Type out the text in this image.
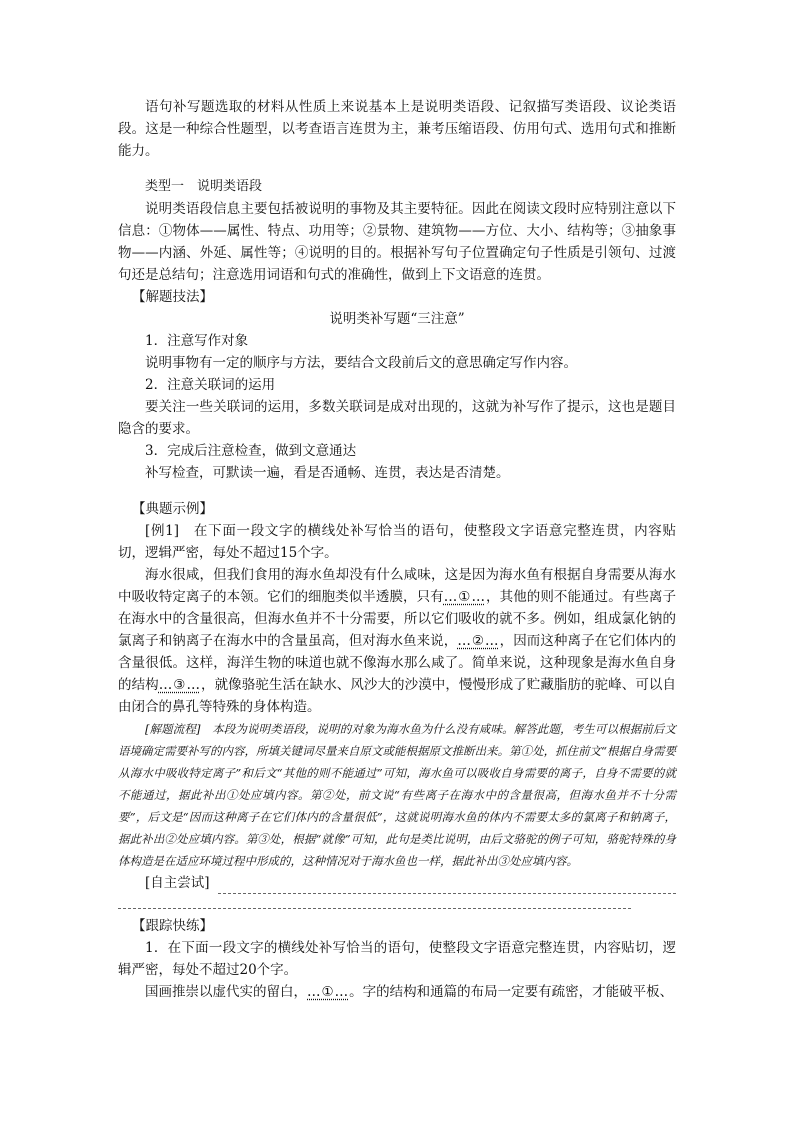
语句补写题选取的材料从性质上来说基本上是说明类语段、记叙描写类语段、议论类语段。这是一种综合性题型，以考查语言连贯为主，兼考压缩语段、仿用句式、选用句式和推断能力。

类型一　说明类语段

说明类语段信息主要包括被说明的事物及其主要特征。因此在阅读文段时应特别注意以下信息：①物体——属性、特点、功用等；②景物、建筑物——方位、大小、结构等；③抽象事物——内涵、外延、属性等；④说明的目的。根据补写句子位置确定句子性质是引领句、过渡句还是总结句；注意选用词语和句式的准确性，做到上下文语意的连贯。

【解题技法】

说明类补写题“三注意”

1．注意写作对象

说明事物有一定的顺序与方法，要结合文段前后文的意思确定写作内容。

2．注意关联词的运用

要关注一些关联词的运用，多数关联词是成对出现的，这就为补写作了提示，这也是题目隐含的要求。

3．完成后注意检查，做到文意通达

补写检查，可默读一遍，看是否通畅、连贯，表达是否清楚。

【典题示例】

[例1]　在下面一段文字的横线处补写恰当的语句，使整段文字语意完整连贯，内容贴切，逻辑严密，每处不超过15个字。

海水很咸，但我们食用的海水鱼却没有什么咸味，这是因为海水鱼有根据自身需要从海水中吸收特定离子的本领。它们的细胞类似半透膜，只有…①…，其他的则不能通过。有些离子在海水中的含量很高，但海水鱼并不十分需要，所以它们吸收的就不多。例如，组成氯化钠的氯离子和钠离子在海水中的含量虽高，但对海水鱼来说，…②…，因而这种离子在它们体内的含量很低。这样，海洋生物的味道也就不像海水那么咸了。简单来说，这种现象是海水鱼自身的结构…③…，就像骆驼生活在缺水、风沙大的沙漠中，慢慢形成了贮藏脂肪的驼峰、可以自由闭合的鼻孔等特殊的身体构造。

[解题流程]　本段为说明类语段，说明的对象为海水鱼为什么没有咸味。解答此题，考生可以根据前后文语境确定需要补写的内容，所填关键词尽量来自原文或能根据原文推断出来。第①处，抓住前文“根据自身需要从海水中吸收特定离子”和后文“其他的则不能通过”可知，海水鱼可以吸收自身需要的离子，自身不需要的就不能通过，据此补出①处应填内容。第②处，前文说“有些离子在海水中的含量很高，但海水鱼并不十分需要”，后文是“因而这种离子在它们体内的含量很低”，这就说明海水鱼的体内不需要太多的氯离子和钠离子，据此补出②处应填内容。第③处，根据“就像”可知，此句是类比说明，由后文骆驼的例子可知，骆驼特殊的身体构造是在适应环境过程中形成的，这种情况对于海水鱼也一样，据此补出③处应填内容。

[自主尝试]

【跟踪快练】

1．在下面一段文字的横线处补写恰当的语句，使整段文字语意完整连贯，内容贴切，逻辑严密，每处不超过20个字。

国画推崇以虚代实的留白，…①…。字的结构和通篇的布局一定要有疏密，才能破平板、
